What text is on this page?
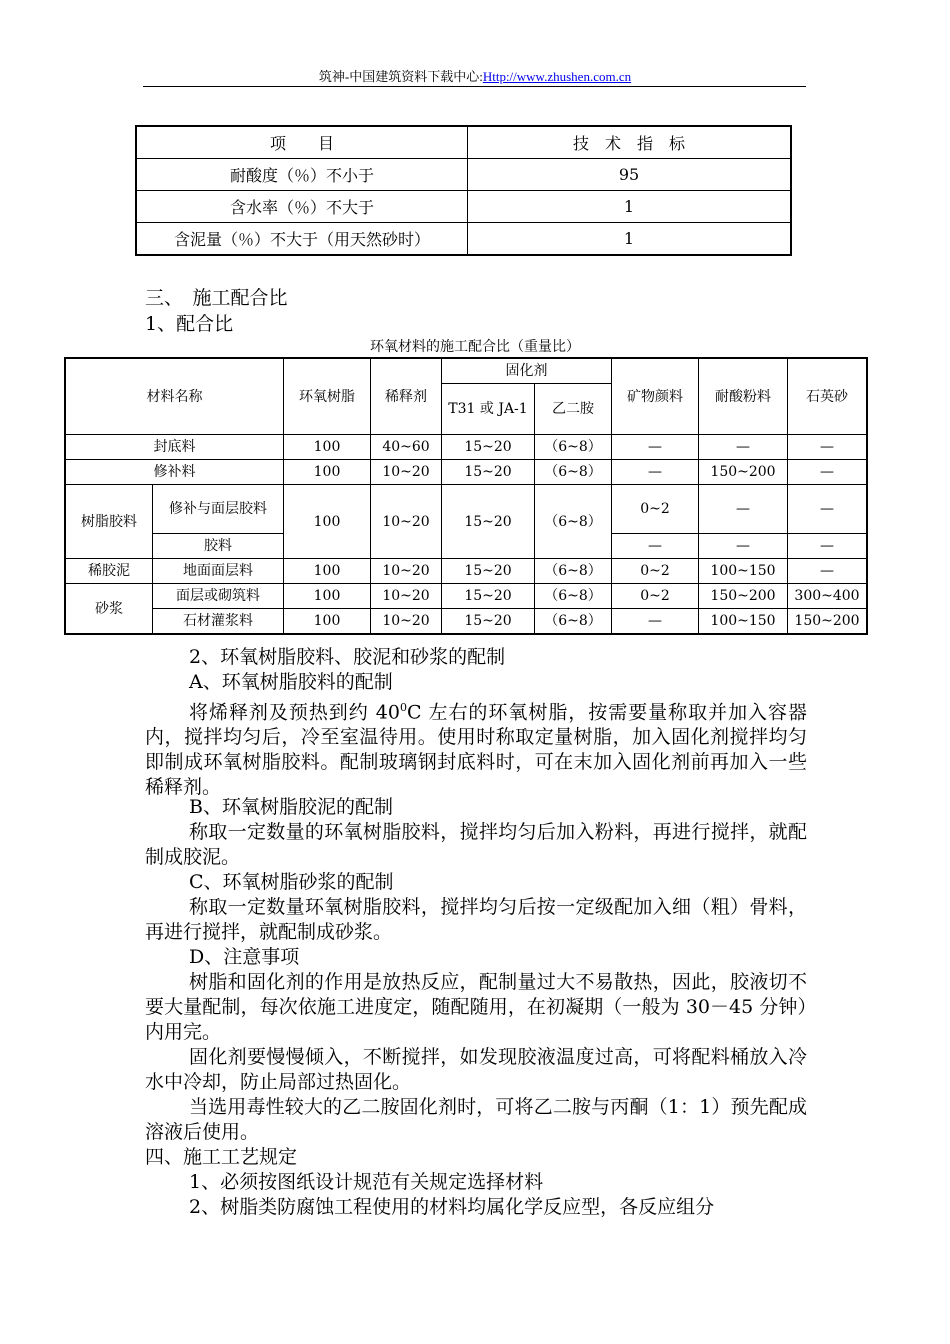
筑神-中国建筑资料下载中心:Http://www.zhushen.com.cn
项　　目	技　术　指　标
耐酸度（％）不小于	95
含水率（％）不大于	1
含泥量（％）不大于（用天然砂时）	1
三、　施工配合比
1、配合比
环氧材料的施工配合比（重量比）
材料名称		环氧树脂	稀释剂	固化剂		矿物颜料	耐酸粉料	石英砂
				T31 或 JA-1	乙二胺			
封底料		100	40~60	15~20	（6~8）	—	—	—
修补料		100	10~20	15~20	（6~8）	—	150~200	—
树脂胶料	修补与面层胶料	100	10~20	15~20	（6~8）	0~2	—	—
	胶料					—	—	—
稀胶泥	地面面层料	100	10~20	15~20	（6~8）	0~2	100~150	—
砂浆	面层或砌筑料	100	10~20	15~20	（6~8）	0~2	150~200	300~400
	石材灌浆料	100	10~20	15~20	（6~8）	—	100~150	150~200
2、环氧树脂胶料、胶泥和砂浆的配制
A、环氧树脂胶料的配制
将烯释剂及预热到约 $40^0C$ 左右的环氧树脂，按需要量称取并加入容器内，搅拌均匀后，冷至室温待用。使用时称取定量树脂，加入固化剂搅拌均匀即制成环氧树脂胶料。配制玻璃钢封底料时，可在末加入固化剂前再加入一些稀释剂。
B、环氧树脂胶泥的配制
称取一定数量的环氧树脂胶料，搅拌均匀后加入粉料，再进行搅拌，就配制成胶泥。
C、环氧树脂砂浆的配制
称取一定数量环氧树脂胶料，搅拌均匀后按一定级配加入细（粗）骨料，再进行搅拌，就配制成砂浆。
D、注意事项
树脂和固化剂的作用是放热反应，配制量过大不易散热，因此，胶液切不要大量配制，每次依施工进度定，随配随用，在初凝期（一般为 30－45 分钟）内用完。
固化剂要慢慢倾入，不断搅拌，如发现胶液温度过高，可将配料桶放入冷水中冷却，防止局部过热固化。
当选用毒性较大的乙二胺固化剂时，可将乙二胺与丙酮（1：1）预先配成溶液后使用。
四、施工工艺规定
1、必须按图纸设计规范有关规定选择材料
2、树脂类防腐蚀工程使用的材料均属化学反应型，各反应组分
